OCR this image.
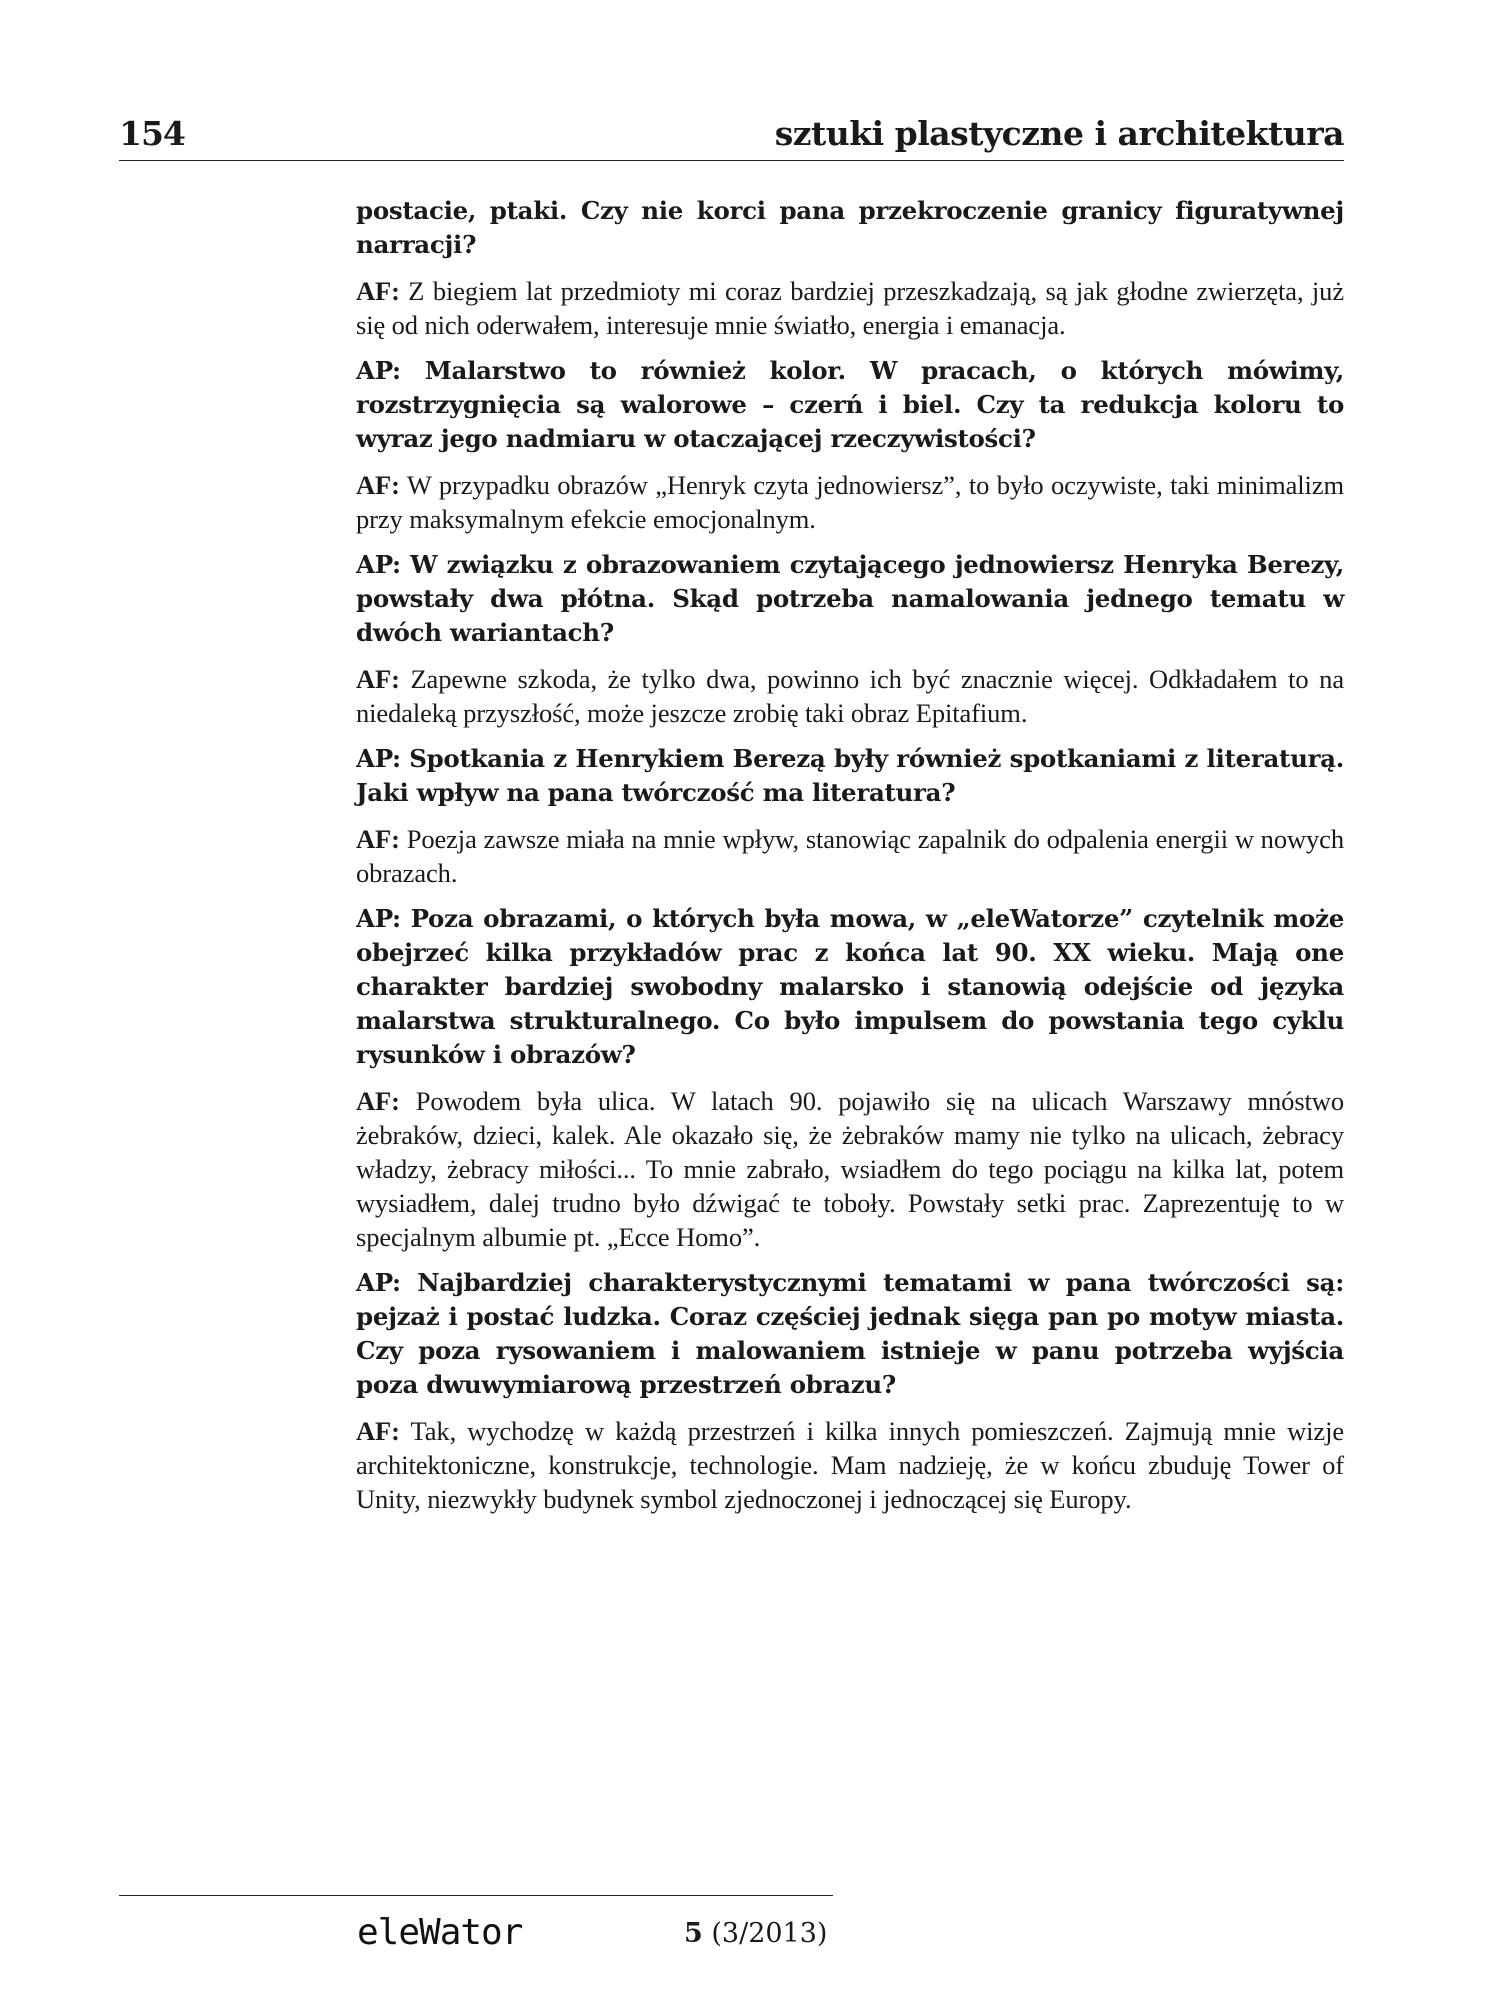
154	sztuki plastyczne i architektura

postacie, ptaki. Czy nie korci pana przekroczenie granicy figuratywnej narracji?

AF: Z biegiem lat przedmioty mi coraz bardziej przeszkadzają, są jak głodne zwierzęta, już się od nich oderwałem, interesuje mnie światło, energia i emanacja.

AP: Malarstwo to również kolor. W pracach, o których mówimy, rozstrzygnięcia są walorowe – czerń i biel. Czy ta redukcja koloru to wyraz jego nadmiaru w otaczającej rzeczywistości?

AF: W przypadku obrazów „Henryk czyta jednowiersz”, to było oczywiste, taki minimalizm przy maksymalnym efekcie emocjonalnym.

AP: W związku z obrazowaniem czytającego jednowiersz Henryka Berezy, powstały dwa płótna. Skąd potrzeba namalowania jednego tematu w dwóch wariantach?

AF: Zapewne szkoda, że tylko dwa, powinno ich być znacznie więcej. Odkładałem to na niedaleką przyszłość, może jeszcze zrobię taki obraz Epitafium.

AP: Spotkania z Henrykiem Berezą były również spotkaniami z literaturą. Jaki wpływ na pana twórczość ma literatura?

AF: Poezja zawsze miała na mnie wpływ, stanowiąc zapalnik do odpalenia energii w nowych obrazach.

AP: Poza obrazami, o których była mowa, w „eleWatorze” czytelnik może obejrzeć kilka przykładów prac z końca lat 90. XX wieku. Mają one charakter bardziej swobodny malarsko i stanowią odejście od języka malarstwa strukturalnego. Co było impulsem do powstania tego cyklu rysunków i obrazów?

AF: Powodem była ulica. W latach 90. pojawiło się na ulicach Warszawy mnóstwo żebraków, dzieci, kalek. Ale okazało się, że żebraków mamy nie tylko na ulicach, żebracy władzy, żebracy miłości... To mnie zabrało, wsiadłem do tego pociągu na kilka lat, potem wysiadłem, dalej trudno było dźwigać te toboły. Powstały setki prac. Zaprezentuję to w specjalnym albumie pt. „Ecce Homo”.

AP: Najbardziej charakterystycznymi tematami w pana twórczości są: pejzaż i postać ludzka. Coraz częściej jednak sięga pan po motyw miasta. Czy poza rysowaniem i malowaniem istnieje w panu potrzeba wyjścia poza dwuwymiarową przestrzeń obrazu?

AF: Tak, wychodzę w każdą przestrzeń i kilka innych pomieszczeń. Zajmują mnie wizje architektoniczne, konstrukcje, technologie. Mam nadzieję, że w końcu zbuduję Tower of Unity, niezwykły budynek symbol zjednoczonej i jednoczącej się Europy.

eleWator	5 (3/2013)
